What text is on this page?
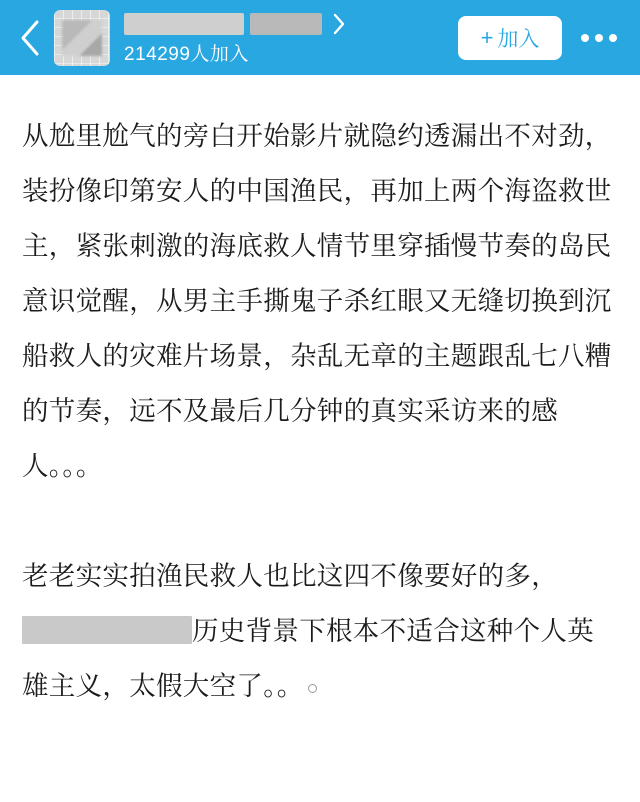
214299人加入
+ 加入

从尬里尬气的旁白开始影片就隐约透漏出不对劲，装扮像印第安人的中国渔民，再加上两个海盗救世主，紧张刺激的海底救人情节里穿插慢节奏的岛民意识觉醒，从男主手撕鬼子杀红眼又无缝切换到沉船救人的灾难片场景，杂乱无章的主题跟乱七八糟的节奏，远不及最后几分钟的真实采访来的感人。。。

老老实实拍渔民救人也比这四不像要好的多，历史背景下根本不适合这种个人英雄主义，太假大空了。。
